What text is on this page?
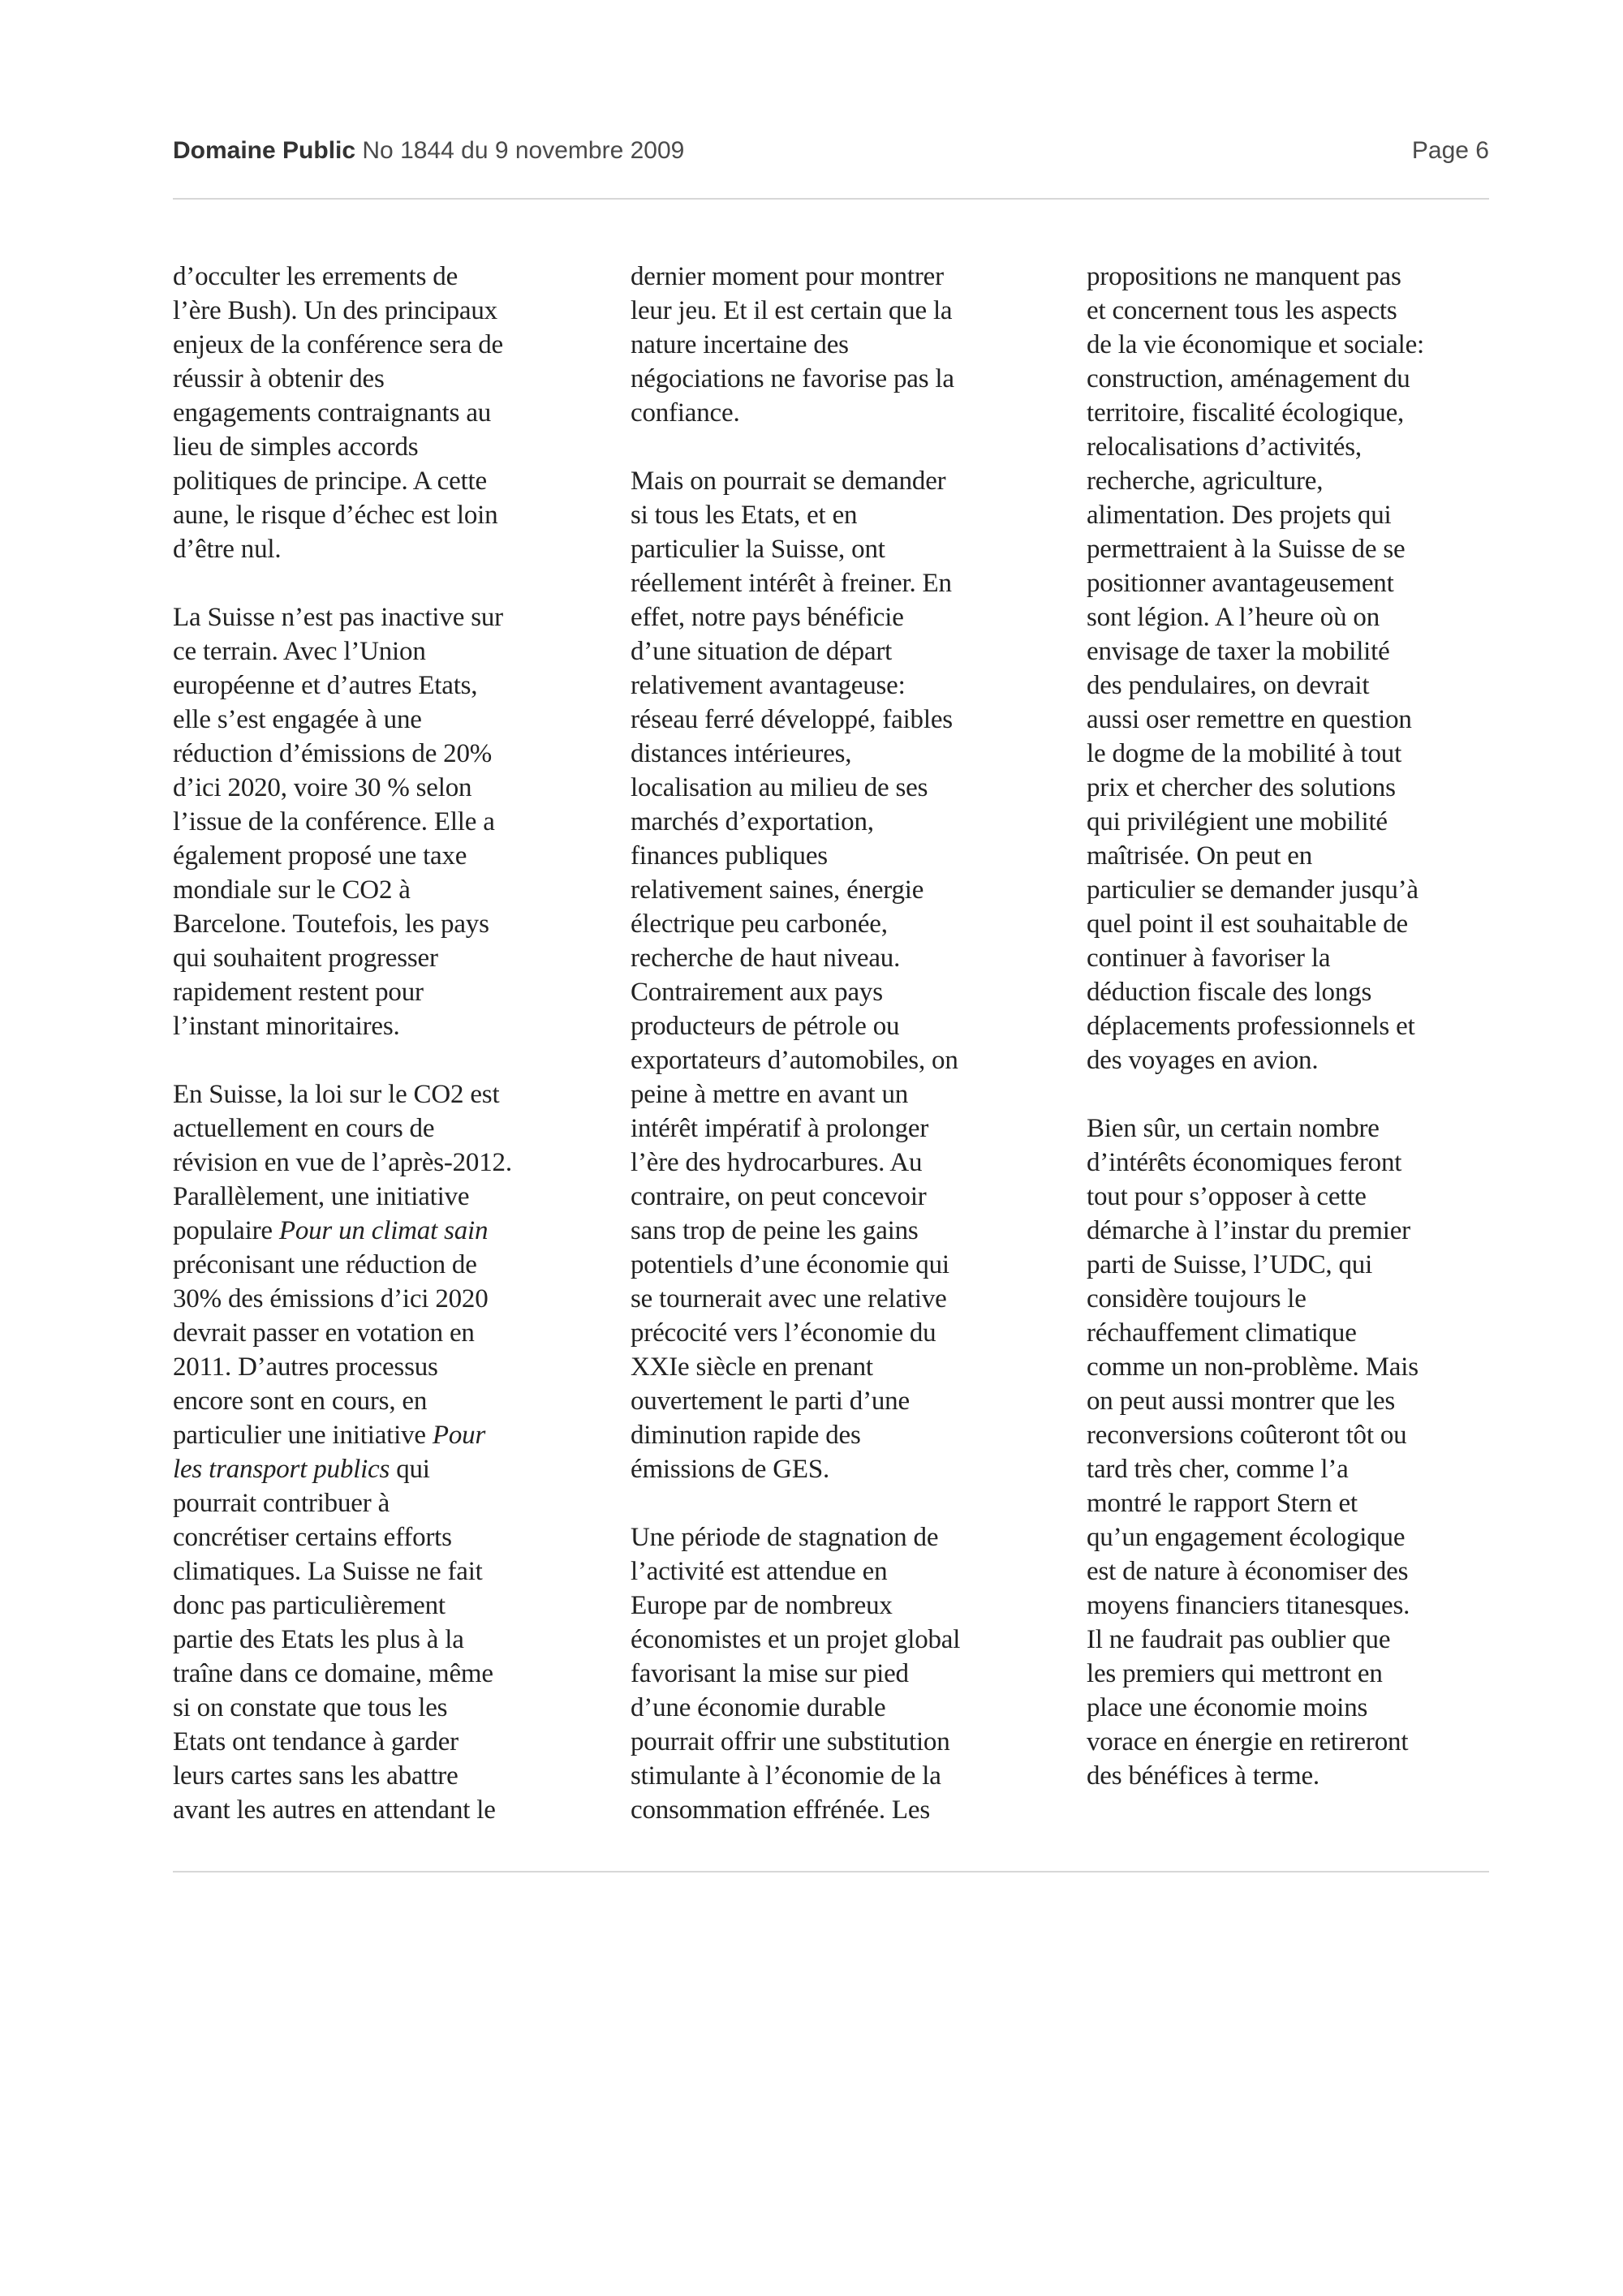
Domaine Public No 1844 du 9 novembre 2009	Page 6

d’occulter les errements de
l’ère Bush). Un des principaux
enjeux de la conférence sera de
réussir à obtenir des
engagements contraignants au
lieu de simples accords
politiques de principe. A cette
aune, le risque d’échec est loin
d’être nul.

La Suisse n’est pas inactive sur
ce terrain. Avec l’Union
européenne et d’autres Etats,
elle s’est engagée à une
réduction d’émissions de 20%
d’ici 2020, voire 30 % selon
l’issue de la conférence. Elle a
également proposé une taxe
mondiale sur le CO2 à
Barcelone. Toutefois, les pays
qui souhaitent progresser
rapidement restent pour
l’instant minoritaires.

En Suisse, la loi sur le CO2 est
actuellement en cours de
révision en vue de l’après-2012.
Parallèlement, une initiative
populaire Pour un climat sain
préconisant une réduction de
30% des émissions d’ici 2020
devrait passer en votation en
2011. D’autres processus
encore sont en cours, en
particulier une initiative Pour
les transport publics qui
pourrait contribuer à
concrétiser certains efforts
climatiques. La Suisse ne fait
donc pas particulièrement
partie des Etats les plus à la
traîne dans ce domaine, même
si on constate que tous les
Etats ont tendance à garder
leurs cartes sans les abattre
avant les autres en attendant le

dernier moment pour montrer
leur jeu. Et il est certain que la
nature incertaine des
négociations ne favorise pas la
confiance.

Mais on pourrait se demander
si tous les Etats, et en
particulier la Suisse, ont
réellement intérêt à freiner. En
effet, notre pays bénéficie
d’une situation de départ
relativement avantageuse:
réseau ferré développé, faibles
distances intérieures,
localisation au milieu de ses
marchés d’exportation,
finances publiques
relativement saines, énergie
électrique peu carbonée,
recherche de haut niveau.
Contrairement aux pays
producteurs de pétrole ou
exportateurs d’automobiles, on
peine à mettre en avant un
intérêt impératif à prolonger
l’ère des hydrocarbures. Au
contraire, on peut concevoir
sans trop de peine les gains
potentiels d’une économie qui
se tournerait avec une relative
précocité vers l’économie du
XXIe siècle en prenant
ouvertement le parti d’une
diminution rapide des
émissions de GES.

Une période de stagnation de
l’activité est attendue en
Europe par de nombreux
économistes et un projet global
favorisant la mise sur pied
d’une économie durable
pourrait offrir une substitution
stimulante à l’économie de la
consommation effrénée. Les

propositions ne manquent pas
et concernent tous les aspects
de la vie économique et sociale:
construction, aménagement du
territoire, fiscalité écologique,
relocalisations d’activités,
recherche, agriculture,
alimentation. Des projets qui
permettraient à la Suisse de se
positionner avantageusement
sont légion. A l’heure où on
envisage de taxer la mobilité
des pendulaires, on devrait
aussi oser remettre en question
le dogme de la mobilité à tout
prix et chercher des solutions
qui privilégient une mobilité
maîtrisée. On peut en
particulier se demander jusqu’à
quel point il est souhaitable de
continuer à favoriser la
déduction fiscale des longs
déplacements professionnels et
des voyages en avion.

Bien sûr, un certain nombre
d’intérêts économiques feront
tout pour s’opposer à cette
démarche à l’instar du premier
parti de Suisse, l’UDC, qui
considère toujours le
réchauffement climatique
comme un non-problème. Mais
on peut aussi montrer que les
reconversions coûteront tôt ou
tard très cher, comme l’a
montré le rapport Stern et
qu’un engagement écologique
est de nature à économiser des
moyens financiers titanesques.
Il ne faudrait pas oublier que
les premiers qui mettront en
place une économie moins
vorace en énergie en retireront
des bénéfices à terme.
